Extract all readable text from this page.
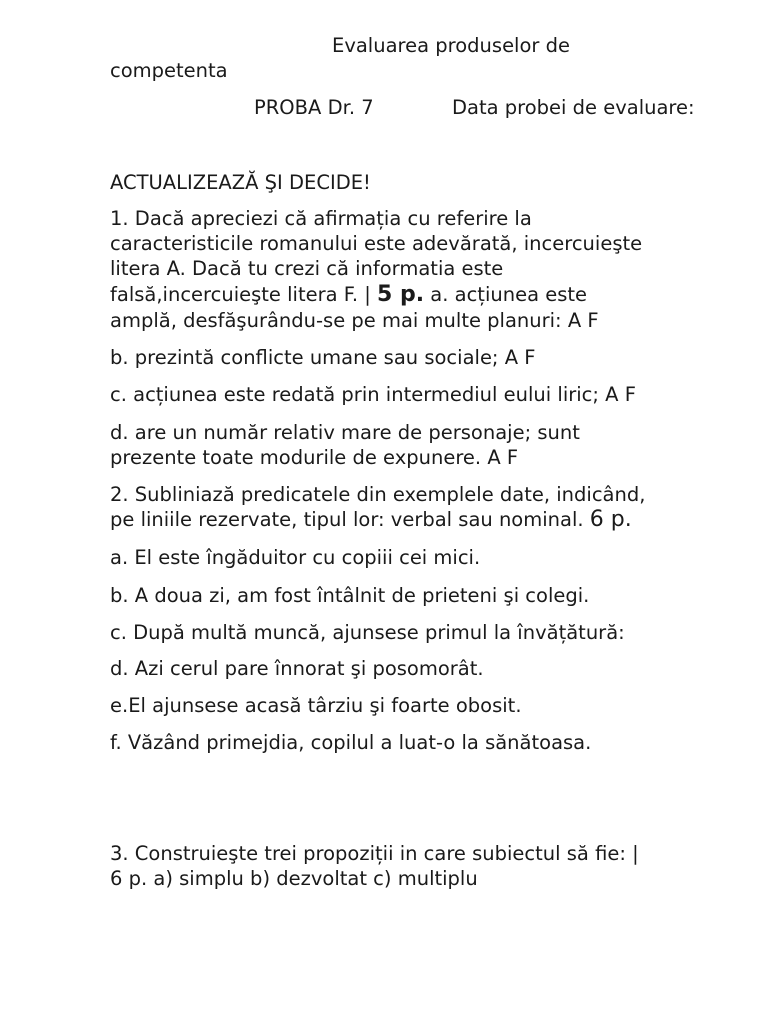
Evaluarea produselor de
competenta
PROBA Dr. 7	Data probei de evaluare:
ACTUALIZEAZĂ ŞI DECIDE!
1. Dacă apreciezi că afirmația cu referire la
caracteristicile romanului este adevărată, incercuieşte
litera A. Dacă tu crezi că informatia este
falsă,incercuieşte litera F. | 5 p. a. acțiunea este
amplă, desfăşurându-se pe mai multe planuri: A F
b. prezintă conflicte umane sau sociale; A F
c. acțiunea este redată prin intermediul eului liric; A F
d. are un număr relativ mare de personaje; sunt
prezente toate modurile de expunere. A F
2. Subliniază predicatele din exemplele date, indicând,
pe liniile rezervate, tipul lor: verbal sau nominal. 6 p.
a. El este îngăduitor cu copiii cei mici.
b. A doua zi, am fost întâlnit de prieteni şi colegi.
c. După multă muncă, ajunsese primul la învățătură:
d. Azi cerul pare înnorat şi posomorât.
e.El ajunsese acasă târziu şi foarte obosit.
f. Văzând primejdia, copilul a luat-o la sănătoasa.
3. Construieşte trei propoziții in care subiectul să fie: |
6 p. a) simplu b) dezvoltat c) multiplu
